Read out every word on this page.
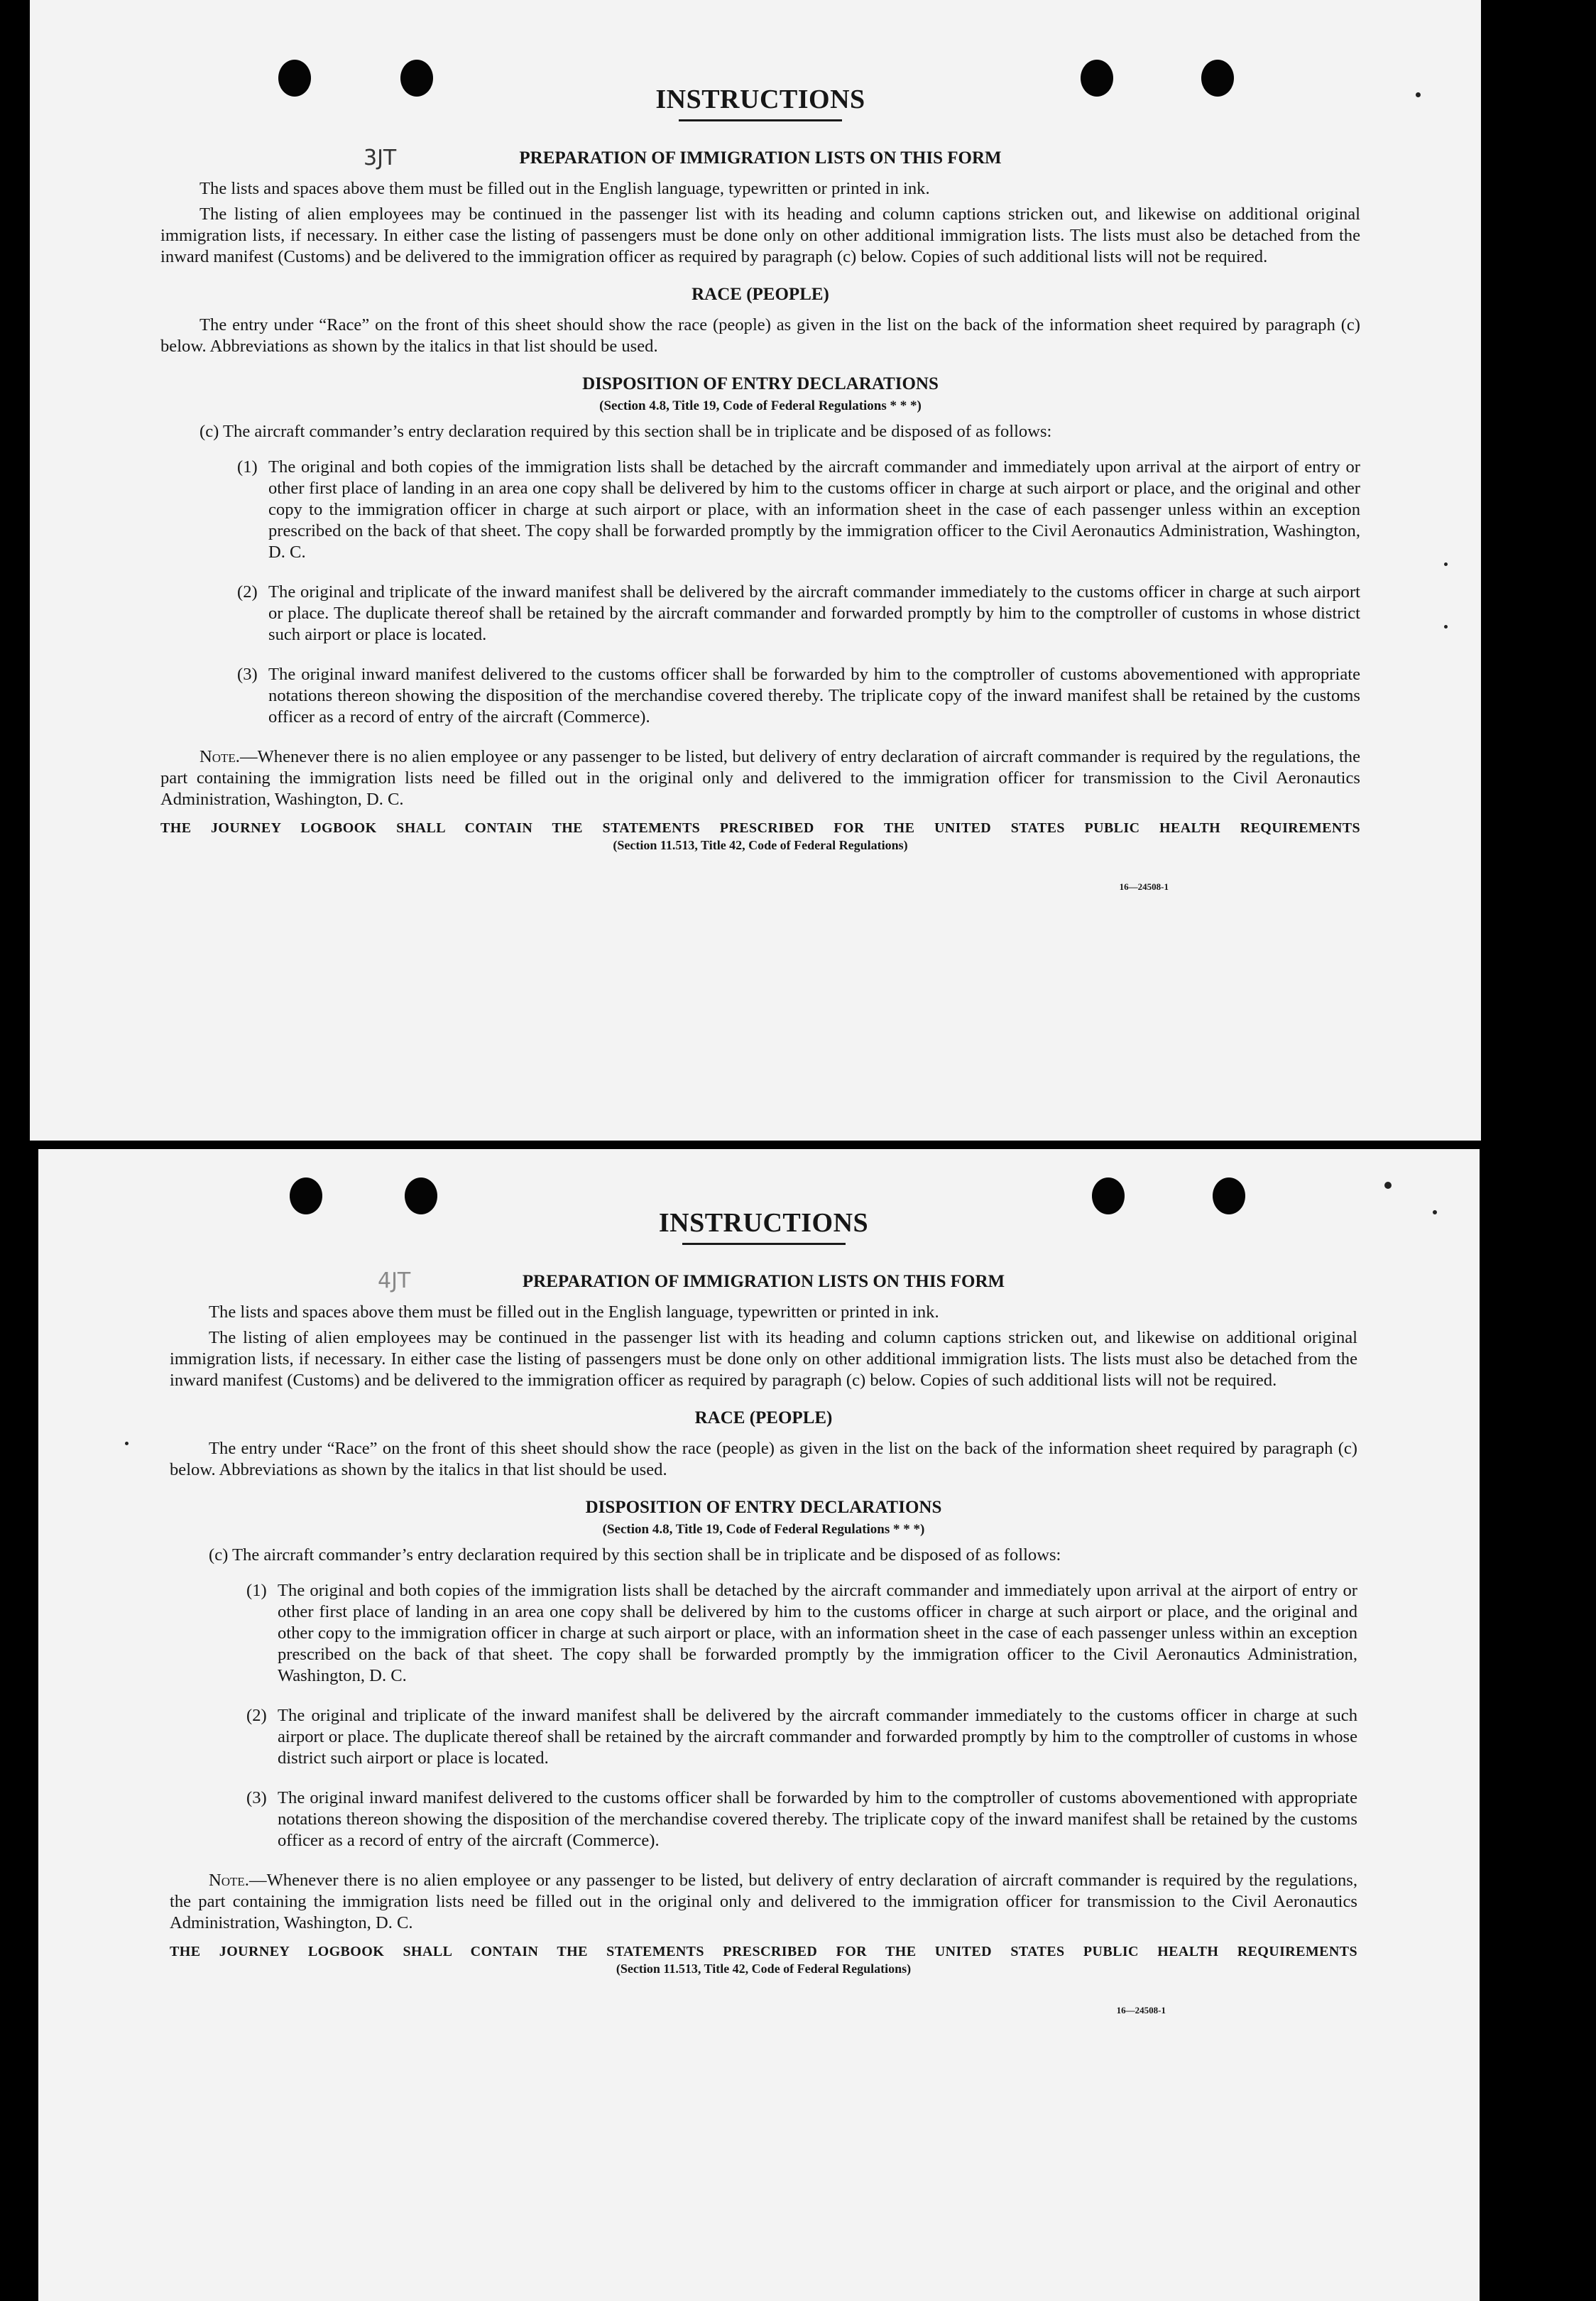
3JT
INSTRUCTIONS
PREPARATION OF IMMIGRATION LISTS ON THIS FORM

The lists and spaces above them must be filled out in the English language, typewritten or printed in ink.

The listing of alien employees may be continued in the passenger list with its heading and column captions stricken out, and likewise on additional original immigration lists, if necessary. In either case the listing of passengers must be done only on other additional immigration lists. The lists must also be detached from the inward manifest (Customs) and be delivered to the immigration officer as required by paragraph (c) below. Copies of such additional lists will not be required.

RACE (PEOPLE)

The entry under “Race” on the front of this sheet should show the race (people) as given in the list on the back of the information sheet required by paragraph (c) below. Abbreviations as shown by the italics in that list should be used.

DISPOSITION OF ENTRY DECLARATIONS
(Section 4.8, Title 19, Code of Federal Regulations * * *)

(c) The aircraft commander’s entry declaration required by this section shall be in triplicate and be disposed of as follows:

(1) The original and both copies of the immigration lists shall be detached by the aircraft commander and immediately upon arrival at the airport of entry or other first place of landing in an area one copy shall be delivered by him to the customs officer in charge at such airport or place, and the original and other copy to the immigration officer in charge at such airport or place, with an information sheet in the case of each passenger unless within an exception prescribed on the back of that sheet. The copy shall be forwarded promptly by the immigration officer to the Civil Aeronautics Administration, Washington, D. C.
(2) The original and triplicate of the inward manifest shall be delivered by the aircraft commander immediately to the customs officer in charge at such airport or place. The duplicate thereof shall be retained by the aircraft commander and forwarded promptly by him to the comptroller of customs in whose district such airport or place is located.
(3) The original inward manifest delivered to the customs officer shall be forwarded by him to the comptroller of customs abovementioned with appropriate notations thereon showing the disposition of the merchandise covered thereby. The triplicate copy of the inward manifest shall be retained by the customs officer as a record of entry of the aircraft (Commerce).

Note.—Whenever there is no alien employee or any passenger to be listed, but delivery of entry declaration of aircraft commander is required by the regulations, the part containing the immigration lists need be filled out in the original only and delivered to the immigration officer for transmission to the Civil Aeronautics Administration, Washington, D. C.

THE JOURNEY LOGBOOK SHALL CONTAIN THE STATEMENTS PRESCRIBED FOR THE UNITED STATES PUBLIC HEALTH REQUIREMENTS
(Section 11.513, Title 42, Code of Federal Regulations)
16—24508-1
4JT
INSTRUCTIONS
PREPARATION OF IMMIGRATION LISTS ON THIS FORM

The lists and spaces above them must be filled out in the English language, typewritten or printed in ink.

The listing of alien employees may be continued in the passenger list with its heading and column captions stricken out, and likewise on additional original immigration lists, if necessary. In either case the listing of passengers must be done only on other additional immigration lists. The lists must also be detached from the inward manifest (Customs) and be delivered to the immigration officer as required by paragraph (c) below. Copies of such additional lists will not be required.

RACE (PEOPLE)

The entry under “Race” on the front of this sheet should show the race (people) as given in the list on the back of the information sheet required by paragraph (c) below. Abbreviations as shown by the italics in that list should be used.

DISPOSITION OF ENTRY DECLARATIONS
(Section 4.8, Title 19, Code of Federal Regulations * * *)

(c) The aircraft commander’s entry declaration required by this section shall be in triplicate and be disposed of as follows:

(1) The original and both copies of the immigration lists shall be detached by the aircraft commander and immediately upon arrival at the airport of entry or other first place of landing in an area one copy shall be delivered by him to the customs officer in charge at such airport or place, and the original and other copy to the immigration officer in charge at such airport or place, with an information sheet in the case of each passenger unless within an exception prescribed on the back of that sheet. The copy shall be forwarded promptly by the immigration officer to the Civil Aeronautics Administration, Washington, D. C.
(2) The original and triplicate of the inward manifest shall be delivered by the aircraft commander immediately to the customs officer in charge at such airport or place. The duplicate thereof shall be retained by the aircraft commander and forwarded promptly by him to the comptroller of customs in whose district such airport or place is located.
(3) The original inward manifest delivered to the customs officer shall be forwarded by him to the comptroller of customs abovementioned with appropriate notations thereon showing the disposition of the merchandise covered thereby. The triplicate copy of the inward manifest shall be retained by the customs officer as a record of entry of the aircraft (Commerce).

Note.—Whenever there is no alien employee or any passenger to be listed, but delivery of entry declaration of aircraft commander is required by the regulations, the part containing the immigration lists need be filled out in the original only and delivered to the immigration officer for transmission to the Civil Aeronautics Administration, Washington, D. C.

THE JOURNEY LOGBOOK SHALL CONTAIN THE STATEMENTS PRESCRIBED FOR THE UNITED STATES PUBLIC HEALTH REQUIREMENTS
(Section 11.513, Title 42, Code of Federal Regulations)
16—24508-1
